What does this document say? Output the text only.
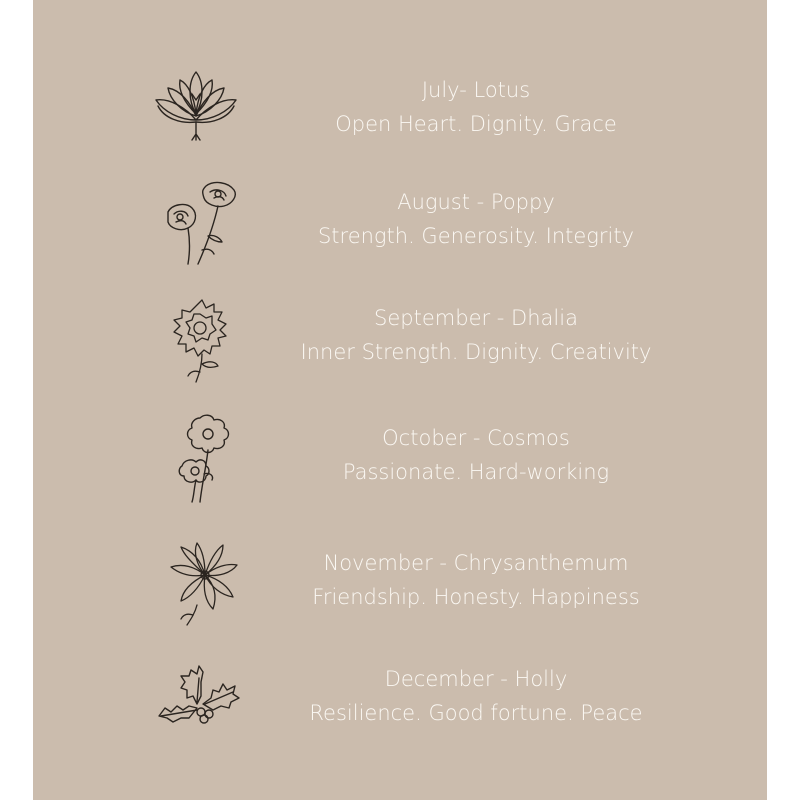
July- Lotus
Open Heart. Dignity. Grace
August - Poppy
Strength. Generosity. Integrity
September - Dhalia
Inner Strength. Dignity. Creativity
October - Cosmos
Passionate. Hard-working
November - Chrysanthemum
Friendship. Honesty. Happiness
December - Holly
Resilience. Good fortune. Peace
